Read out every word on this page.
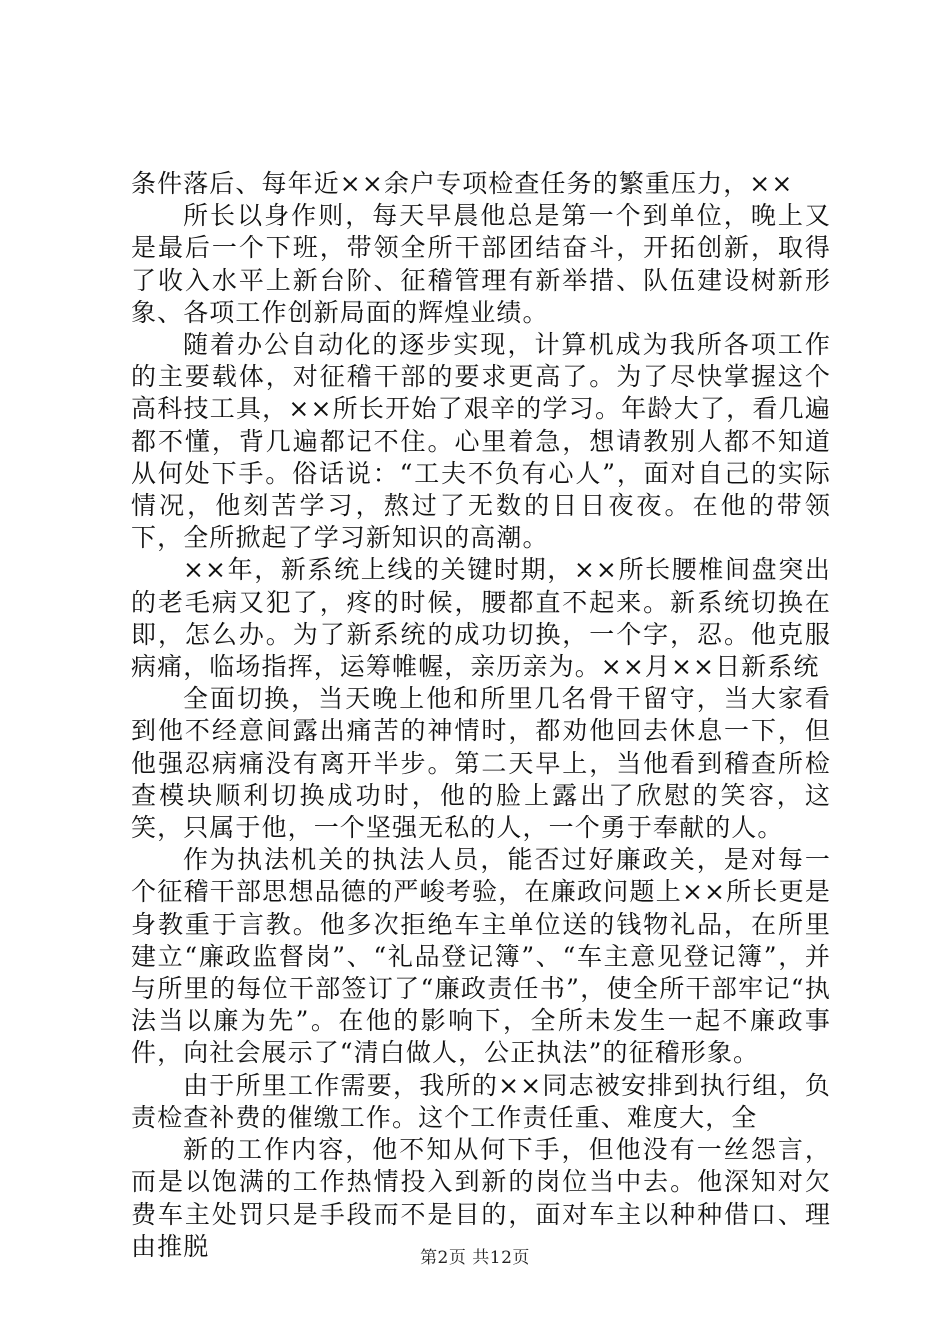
条件落后、每年近××余户专项检查任务的繁重压力，××

所长以身作则，每天早晨他总是第一个到单位，晚上又是最后一个下班，带领全所干部团结奋斗，开拓创新，取得了收入水平上新台阶、征稽管理有新举措、队伍建设树新形象、各项工作创新局面的辉煌业绩。

随着办公自动化的逐步实现，计算机成为我所各项工作的主要载体，对征稽干部的要求更高了。为了尽快掌握这个高科技工具，××所长开始了艰辛的学习。年龄大了，看几遍都不懂，背几遍都记不住。心里着急，想请教别人都不知道从何处下手。俗话说：“工夫不负有心人”，面对自己的实际情况，他刻苦学习，熬过了无数的日日夜夜。在他的带领下，全所掀起了学习新知识的高潮。

××年，新系统上线的关键时期，××所长腰椎间盘突出的老毛病又犯了，疼的时候，腰都直不起来。新系统切换在即，怎么办。为了新系统的成功切换，一个字，忍。他克服病痛，临场指挥，运筹帷幄，亲历亲为。××月××日新系统

全面切换，当天晚上他和所里几名骨干留守，当大家看到他不经意间露出痛苦的神情时，都劝他回去休息一下，但他强忍病痛没有离开半步。第二天早上，当他看到稽查所检查模块顺利切换成功时，他的脸上露出了欣慰的笑容，这笑，只属于他，一个坚强无私的人，一个勇于奉献的人。

作为执法机关的执法人员，能否过好廉政关，是对每一个征稽干部思想品德的严峻考验，在廉政问题上××所长更是身教重于言教。他多次拒绝车主单位送的钱物礼品，在所里建立“廉政监督岗”、“礼品登记簿”、“车主意见登记簿”，并与所里的每位干部签订了“廉政责任书”，使全所干部牢记“执法当以廉为先”。在他的影响下，全所未发生一起不廉政事件，向社会展示了“清白做人，公正执法”的征稽形象。

由于所里工作需要，我所的××同志被安排到执行组，负责检查补费的催缴工作。这个工作责任重、难度大，全

新的工作内容，他不知从何下手，但他没有一丝怨言，而是以饱满的工作热情投入到新的岗位当中去。他深知对欠费车主处罚只是手段而不是目的，面对车主以种种借口、理由推脱	第2页 共12页
